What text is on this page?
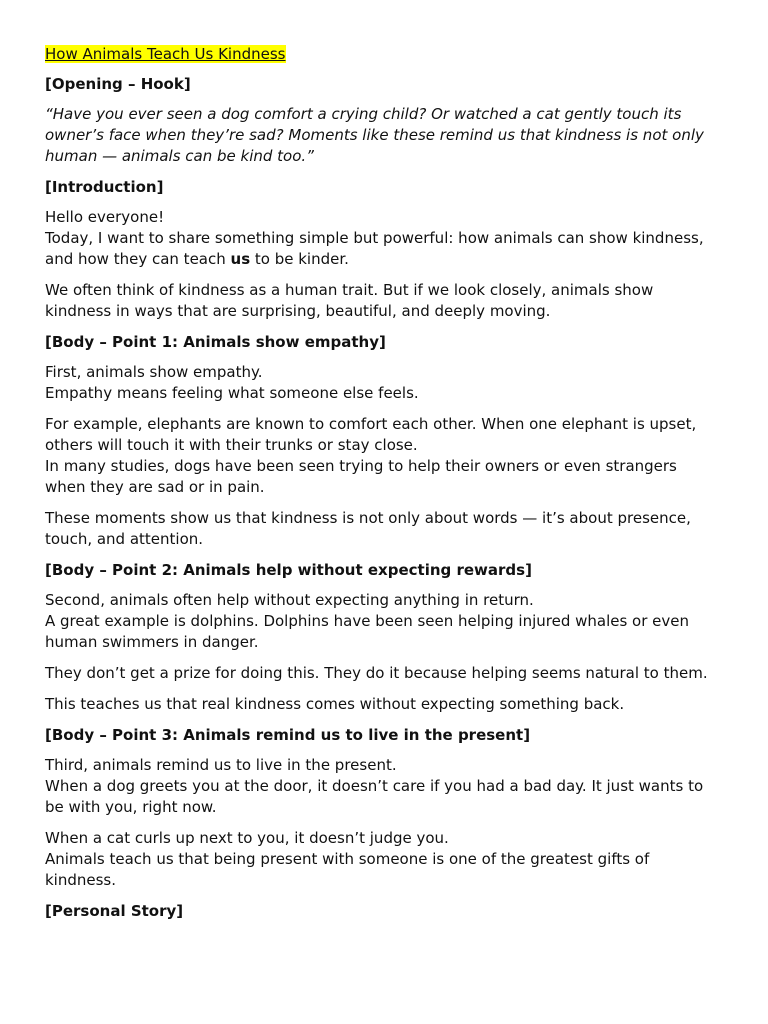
How Animals Teach Us Kindness

[Opening – Hook]

“Have you ever seen a dog comfort a crying child? Or watched a cat gently touch its owner’s face when they’re sad? Moments like these remind us that kindness is not only human — animals can be kind too.”

[Introduction]

Hello everyone!
Today, I want to share something simple but powerful: how animals can show kindness, and how they can teach us to be kinder.

We often think of kindness as a human trait. But if we look closely, animals show kindness in ways that are surprising, beautiful, and deeply moving.

[Body – Point 1: Animals show empathy]

First, animals show empathy.
Empathy means feeling what someone else feels.

For example, elephants are known to comfort each other. When one elephant is upset, others will touch it with their trunks or stay close.
In many studies, dogs have been seen trying to help their owners or even strangers when they are sad or in pain.

These moments show us that kindness is not only about words — it’s about presence, touch, and attention.

[Body – Point 2: Animals help without expecting rewards]

Second, animals often help without expecting anything in return.
A great example is dolphins. Dolphins have been seen helping injured whales or even human swimmers in danger.

They don’t get a prize for doing this. They do it because helping seems natural to them.

This teaches us that real kindness comes without expecting something back.

[Body – Point 3: Animals remind us to live in the present]

Third, animals remind us to live in the present.
When a dog greets you at the door, it doesn’t care if you had a bad day. It just wants to be with you, right now.

When a cat curls up next to you, it doesn’t judge you.
Animals teach us that being present with someone is one of the greatest gifts of kindness.

[Personal Story]
